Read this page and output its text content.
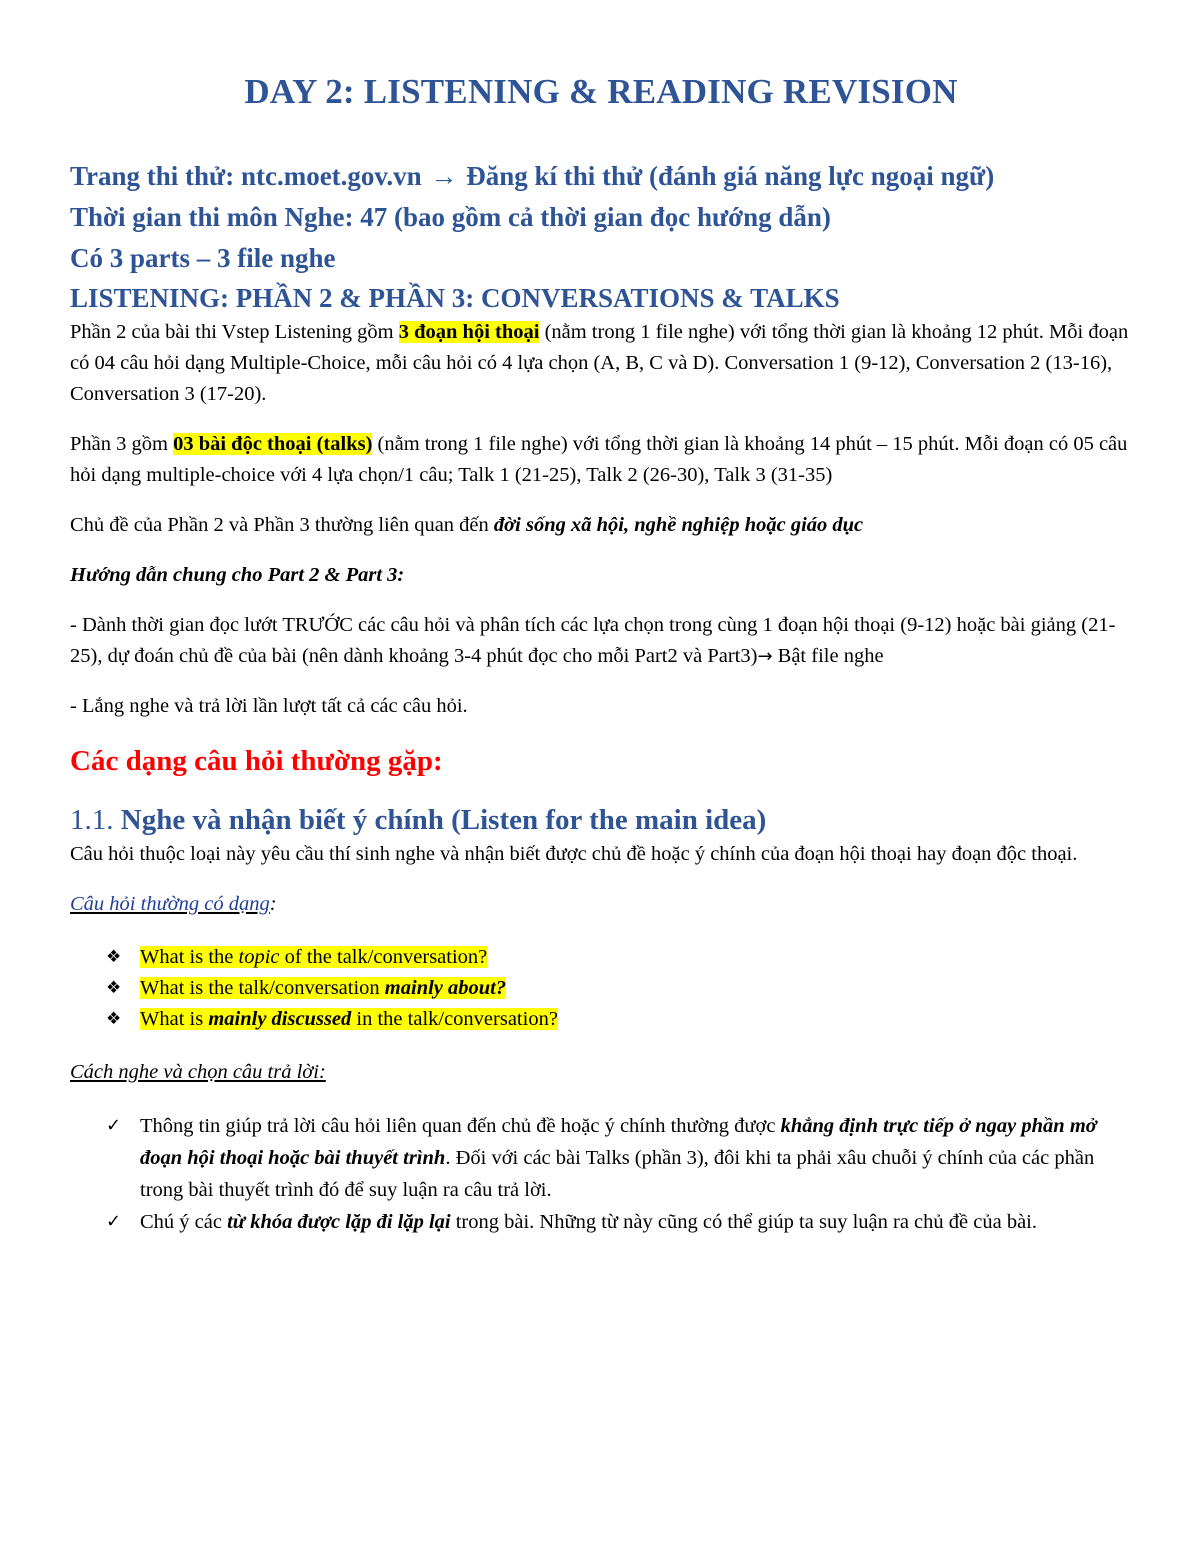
DAY 2: LISTENING & READING REVISION

Trang thi thử: ntc.moet.gov.vn → Đăng kí thi thử (đánh giá năng lực ngoại ngữ)

Thời gian thi môn Nghe: 47 (bao gồm cả thời gian đọc hướng dẫn)

Có 3 parts – 3 file nghe

LISTENING: PHẦN 2 & PHẦN 3: CONVERSATIONS & TALKS

Phần 2 của bài thi Vstep Listening gồm 3 đoạn hội thoại (nằm trong 1 file nghe) với tổng thời gian là khoảng 12 phút. Mỗi đoạn có 04 câu hỏi dạng Multiple-Choice, mỗi câu hỏi có 4 lựa chọn (A, B, C và D). Conversation 1 (9-12), Conversation 2 (13-16), Conversation 3 (17-20).

Phần 3 gồm 03 bài độc thoại (talks) (nằm trong 1 file nghe) với tổng thời gian là khoảng 14 phút – 15 phút. Mỗi đoạn có 05 câu hỏi dạng multiple-choice với 4 lựa chọn/1 câu; Talk 1 (21-25), Talk 2 (26-30), Talk 3 (31-35)

Chủ đề của Phần 2 và Phần 3 thường liên quan đến đời sống xã hội, nghề nghiệp hoặc giáo dục

Hướng dẫn chung cho Part 2 & Part 3:

- Dành thời gian đọc lướt TRƯỚC các câu hỏi và phân tích các lựa chọn trong cùng 1 đoạn hội thoại (9-12) hoặc bài giảng (21-25), dự đoán chủ đề của bài (nên dành khoảng 3-4 phút đọc cho mỗi Part2 và Part3)→ Bật file nghe

- Lắng nghe và trả lời lần lượt tất cả các câu hỏi.

Các dạng câu hỏi thường gặp:
1.1. Nghe và nhận biết ý chính (Listen for the main idea)

Câu hỏi thuộc loại này yêu cầu thí sinh nghe và nhận biết được chủ đề hoặc ý chính của đoạn hội thoại hay đoạn độc thoại.

Câu hỏi thường có dạng:

❖ What is the topic of the talk/conversation?
❖ What is the talk/conversation mainly about?
❖ What is mainly discussed in the talk/conversation?

Cách nghe và chọn câu trả lời:

✓ Thông tin giúp trả lời câu hỏi liên quan đến chủ đề hoặc ý chính thường được khẳng định trực tiếp ở ngay phần mở đoạn hội thoại hoặc bài thuyết trình. Đối với các bài Talks (phần 3), đôi khi ta phải xâu chuỗi ý chính của các phần trong bài thuyết trình đó để suy luận ra câu trả lời.
✓ Chú ý các từ khóa được lặp đi lặp lại trong bài. Những từ này cũng có thể giúp ta suy luận ra chủ đề của bài.
